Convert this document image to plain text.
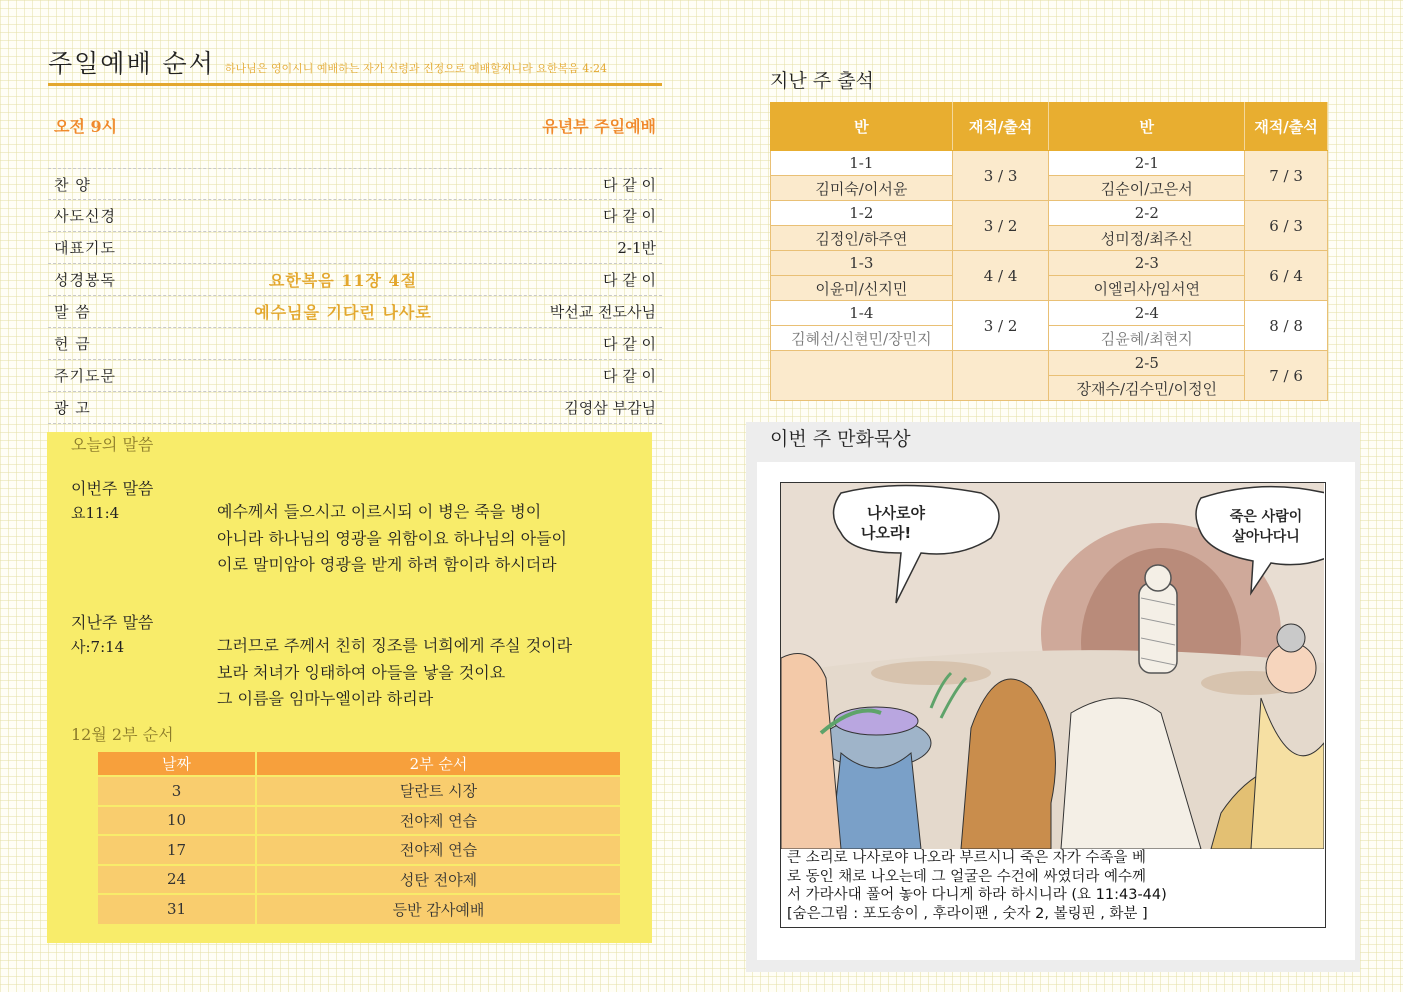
주일예배 순서 하나님은 영이시니 예배하는 자가 신령과 진정으로 예배할찌니라 요한복음 4:24
오전 9시	유년부 주일예배
찬 양	다 같 이
사도신경	다 같 이
대표기도	2-1반
성경봉독	요한복음 11장 4절	다 같 이
말 씀	예수님을 기다린 나사로	박선교 전도사님
헌 금	다 같 이
주기도문	다 같 이
광 고	김영삼 부감님
오늘의 말씀
이번주 말씀
요11:4	예수께서 들으시고 이르시되 이 병은 죽을 병이
아니라 하나님의 영광을 위함이요 하나님의 아들이
이로 말미암아 영광을 받게 하려 함이라 하시더라
지난주 말씀
사:7:14	그러므로 주께서 친히 징조를 너희에게 주실 것이라
보라 처녀가 잉태하여 아들을 낳을 것이요
그 이름을 임마누엘이라 하리라
12월 2부 순서
날짜	2부 순서
3	달란트 시장
10	전야제 연습
17	전야제 연습
24	성탄 전야제
31	등반 감사예배
지난 주 출석
반	재적/출석	반	재적/출석
1-1	3 / 3	2-1	7 / 3
김미숙/이서윤		김순이/고은서	
1-2	3 / 2	2-2	6 / 3
김정인/하주연		성미정/최주신	
1-3	4 / 4	2-3	6 / 4
이윤미/신지민		이엘리사/임서연	
1-4	3 / 2	2-4	8 / 8
김혜선/신현민/장민지		김윤혜/최현지	
		2-5	7 / 6
		장재수/김수민/이정인	
이번 주 만화묵상
나사로야
나오라!
죽은 사람이
살아나다니
큰 소리로 나사로야 나오라 부르시니 죽은 자가 수족을 베
로 동인 채로 나오는데 그 얼굴은 수건에 싸였더라 예수께
서 가라사대 풀어 놓아 다니게 하라 하시니라 (요 11:43-44)
[숨은그림 : 포도송이 , 후라이팬 , 숫자 2, 볼링핀 , 화분 ]
